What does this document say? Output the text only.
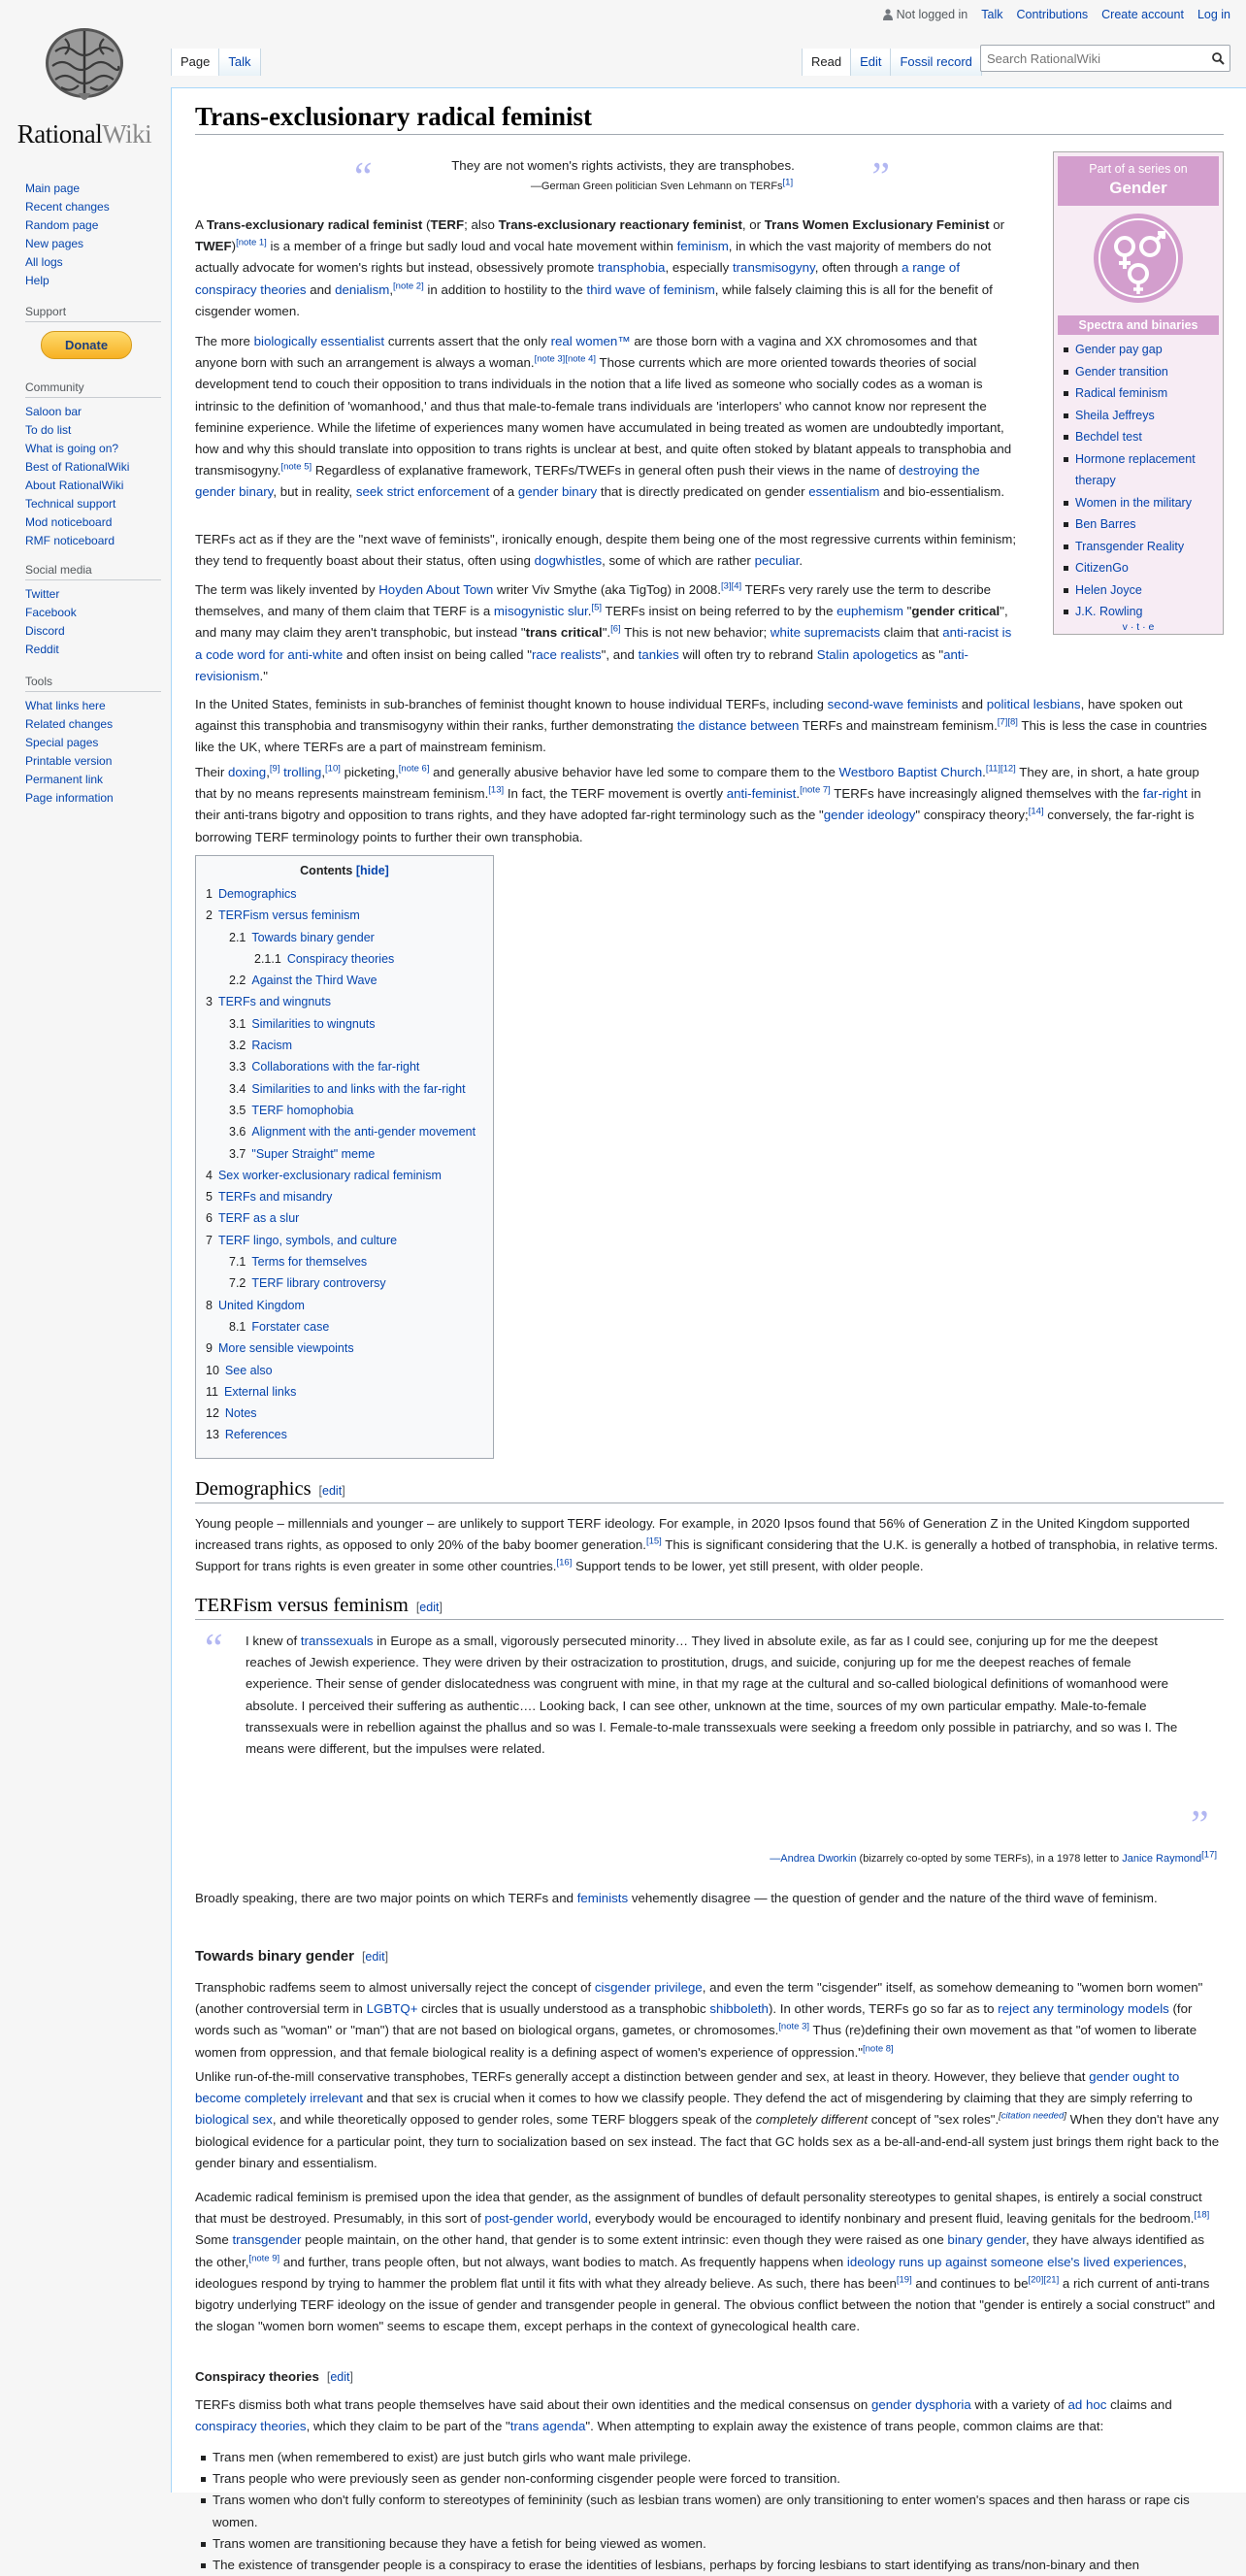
Not logged in Talk Contributions Create account Log in
RationalWiki
Main page
Recent changes
Random page
New pages
All logs
Help
Support
Donate
Community
Saloon bar
To do list
What is going on?
Best of RationalWiki
About RationalWiki
Technical support
Mod noticeboard
RMF noticeboard
Social media
Twitter
Facebook
Discord
Reddit
Tools
What links here
Related changes
Special pages
Printable version
Permanent link
Page information
Page	Talk	Read	Edit	Fossil record
Search RationalWiki
Trans-exclusionary radical feminist
“	They are not women's rights activists, they are transphobes.	”
—German Green politician Sven Lehmann on TERFs[1]
Part of a series on
Gender
Spectra and binaries
Gender pay gap
Gender transition
Radical feminism
Sheila Jeffreys
Bechdel test
Hormone replacement therapy
Women in the military
Ben Barres
Transgender Reality
CitizenGo
Helen Joyce
J.K. Rowling
v · t · e
A Trans-exclusionary radical feminist (TERF; also Trans-exclusionary reactionary feminist, or Trans Women Exclusionary Feminist or TWEF)[note 1] is a member of a fringe but sadly loud and vocal hate movement within feminism, in which the vast majority of members do not actually advocate for women's rights but instead, obsessively promote transphobia, especially transmisogyny, often through a range of conspiracy theories and denialism,[note 2] in addition to hostility to the third wave of feminism, while falsely claiming this is all for the benefit of cisgender women.
The more biologically essentialist currents assert that the only real women™ are those born with a vagina and XX chromosomes and that anyone born with such an arrangement is always a woman.[note 3][note 4] Those currents which are more oriented towards theories of social development tend to couch their opposition to trans individuals in the notion that a life lived as someone who socially codes as a woman is intrinsic to the definition of 'womanhood,' and thus that male-to-female trans individuals are 'interlopers' who cannot know nor represent the feminine experience. While the lifetime of experiences many women have accumulated in being treated as women are undoubtedly important, how and why this should translate into opposition to trans rights is unclear at best, and quite often stoked by blatant appeals to transphobia and transmisogyny.[note 5] Regardless of explanative framework, TERFs/TWEFs in general often push their views in the name of destroying the gender binary, but in reality, seek strict enforcement of a gender binary that is directly predicated on gender essentialism and bio-essentialism.
TERFs act as if they are the "next wave of feminists", ironically enough, despite them being one of the most regressive currents within feminism; they tend to frequently boast about their status, often using dogwhistles, some of which are rather peculiar.
The term was likely invented by Hoyden About Town writer Viv Smythe (aka TigTog) in 2008.[3][4] TERFs very rarely use the term to describe themselves, and many of them claim that TERF is a misogynistic slur.[5] TERFs insist on being referred to by the euphemism "gender critical", and many may claim they aren't transphobic, but instead "trans critical".[6] This is not new behavior; white supremacists claim that anti-racist is a code word for anti-white and often insist on being called "race realists", and tankies will often try to rebrand Stalin apologetics as "anti-revisionism."
In the United States, feminists in sub-branches of feminist thought known to house individual TERFs, including second-wave feminists and political lesbians, have spoken out against this transphobia and transmisogyny within their ranks, further demonstrating the distance between TERFs and mainstream feminism.[7][8] This is less the case in countries like the UK, where TERFs are a part of mainstream feminism.
Their doxing,[9] trolling,[10] picketing,[note 6] and generally abusive behavior have led some to compare them to the Westboro Baptist Church.[11][12] They are, in short, a hate group that by no means represents mainstream feminism.[13] In fact, the TERF movement is overtly anti-feminist.[note 7] TERFs have increasingly aligned themselves with the far-right in their anti-trans bigotry and opposition to trans rights, and they have adopted far-right terminology such as the "gender ideology" conspiracy theory;[14] conversely, the far-right is borrowing TERF terminology points to further their own transphobia.
Contents [hide]
1 Demographics
2 TERFism versus feminism
2.1 Towards binary gender
2.1.1 Conspiracy theories
2.2 Against the Third Wave
3 TERFs and wingnuts
3.1 Similarities to wingnuts
3.2 Racism
3.3 Collaborations with the far-right
3.4 Similarities to and links with the far-right
3.5 TERF homophobia
3.6 Alignment with the anti-gender movement
3.7 "Super Straight" meme
4 Sex worker-exclusionary radical feminism
5 TERFs and misandry
6 TERF as a slur
7 TERF lingo, symbols, and culture
7.1 Terms for themselves
7.2 TERF library controversy
8 United Kingdom
8.1 Forstater case
9 More sensible viewpoints
10 See also
11 External links
12 Notes
13 References
Demographics [edit]
Young people – millennials and younger – are unlikely to support TERF ideology. For example, in 2020 Ipsos found that 56% of Generation Z in the United Kingdom supported increased trans rights, as opposed to only 20% of the baby boomer generation.[15] This is significant considering that the U.K. is generally a hotbed of transphobia, in relative terms. Support for trans rights is even greater in some other countries.[16] Support tends to be lower, yet still present, with older people.
TERFism versus feminism [edit]
“ I knew of transsexuals in Europe as a small, vigorously persecuted minority… They lived in absolute exile, as far as I could see, conjuring up for me the deepest reaches of Jewish experience. They were driven by their ostracization to prostitution, drugs, and suicide, conjuring up for me the deepest reaches of female experience. Their sense of gender dislocatedness was congruent with mine, in that my rage at the cultural and so-called biological definitions of womanhood were absolute. I perceived their suffering as authentic…. Looking back, I can see other, unknown at the time, sources of my own particular empathy. Male-to-female transsexuals were in rebellion against the phallus and so was I. Female-to-male transsexuals were seeking a freedom only possible in patriarchy, and so was I. The means were different, but the impulses were related.
”
—Andrea Dworkin (bizarrely co-opted by some TERFs), in a 1978 letter to Janice Raymond[17]
Broadly speaking, there are two major points on which TERFs and feminists vehemently disagree — the question of gender and the nature of the third wave of feminism.
Towards binary gender [edit]
Transphobic radfems seem to almost universally reject the concept of cisgender privilege, and even the term "cisgender" itself, as somehow demeaning to "women born women" (another controversial term in LGBTQ+ circles that is usually understood as a transphobic shibboleth). In other words, TERFs go so far as to reject any terminology models (for words such as "woman" or "man") that are not based on biological organs, gametes, or chromosomes.[note 3] Thus (re)defining their own movement as that "of women to liberate women from oppression, and that female biological reality is a defining aspect of women's experience of oppression."[note 8]
Unlike run-of-the-mill conservative transphobes, TERFs generally accept a distinction between gender and sex, at least in theory. However, they believe that gender ought to become completely irrelevant and that sex is crucial when it comes to how we classify people. They defend the act of misgendering by claiming that they are simply referring to biological sex, and while theoretically opposed to gender roles, some TERF bloggers speak of the completely different concept of "sex roles".[citation needed] When they don't have any biological evidence for a particular point, they turn to socialization based on sex instead. The fact that GC holds sex as a be-all-and-end-all system just brings them right back to the gender binary and essentialism.
Academic radical feminism is premised upon the idea that gender, as the assignment of bundles of default personality stereotypes to genital shapes, is entirely a social construct that must be destroyed. Presumably, in this sort of post-gender world, everybody would be encouraged to identify nonbinary and present fluid, leaving genitals for the bedroom.[18] Some transgender people maintain, on the other hand, that gender is to some extent intrinsic: even though they were raised as one binary gender, they have always identified as the other,[note 9] and further, trans people often, but not always, want bodies to match. As frequently happens when ideology runs up against someone else's lived experiences, ideologues respond by trying to hammer the problem flat until it fits with what they already believe. As such, there has been[19] and continues to be[20][21] a rich current of anti-trans bigotry underlying TERF ideology on the issue of gender and transgender people in general. The obvious conflict between the notion that "gender is entirely a social construct" and the slogan "women born women" seems to escape them, except perhaps in the context of gynecological health care.
Conspiracy theories [edit]
TERFs dismiss both what trans people themselves have said about their own identities and the medical consensus on gender dysphoria with a variety of ad hoc claims and conspiracy theories, which they claim to be part of the "trans agenda". When attempting to explain away the existence of trans people, common claims are that:
Trans men (when remembered to exist) are just butch girls who want male privilege.
Trans people who were previously seen as gender non-conforming cisgender people were forced to transition.
Trans women who don't fully conform to stereotypes of femininity (such as lesbian trans women) are only transitioning to enter women's spaces and then harass or rape cis women.
Trans women are transitioning because they have a fetish for being viewed as women.
The existence of transgender people is a conspiracy to erase the identities of lesbians, perhaps by forcing lesbians to start identifying as trans/non-binary and then
